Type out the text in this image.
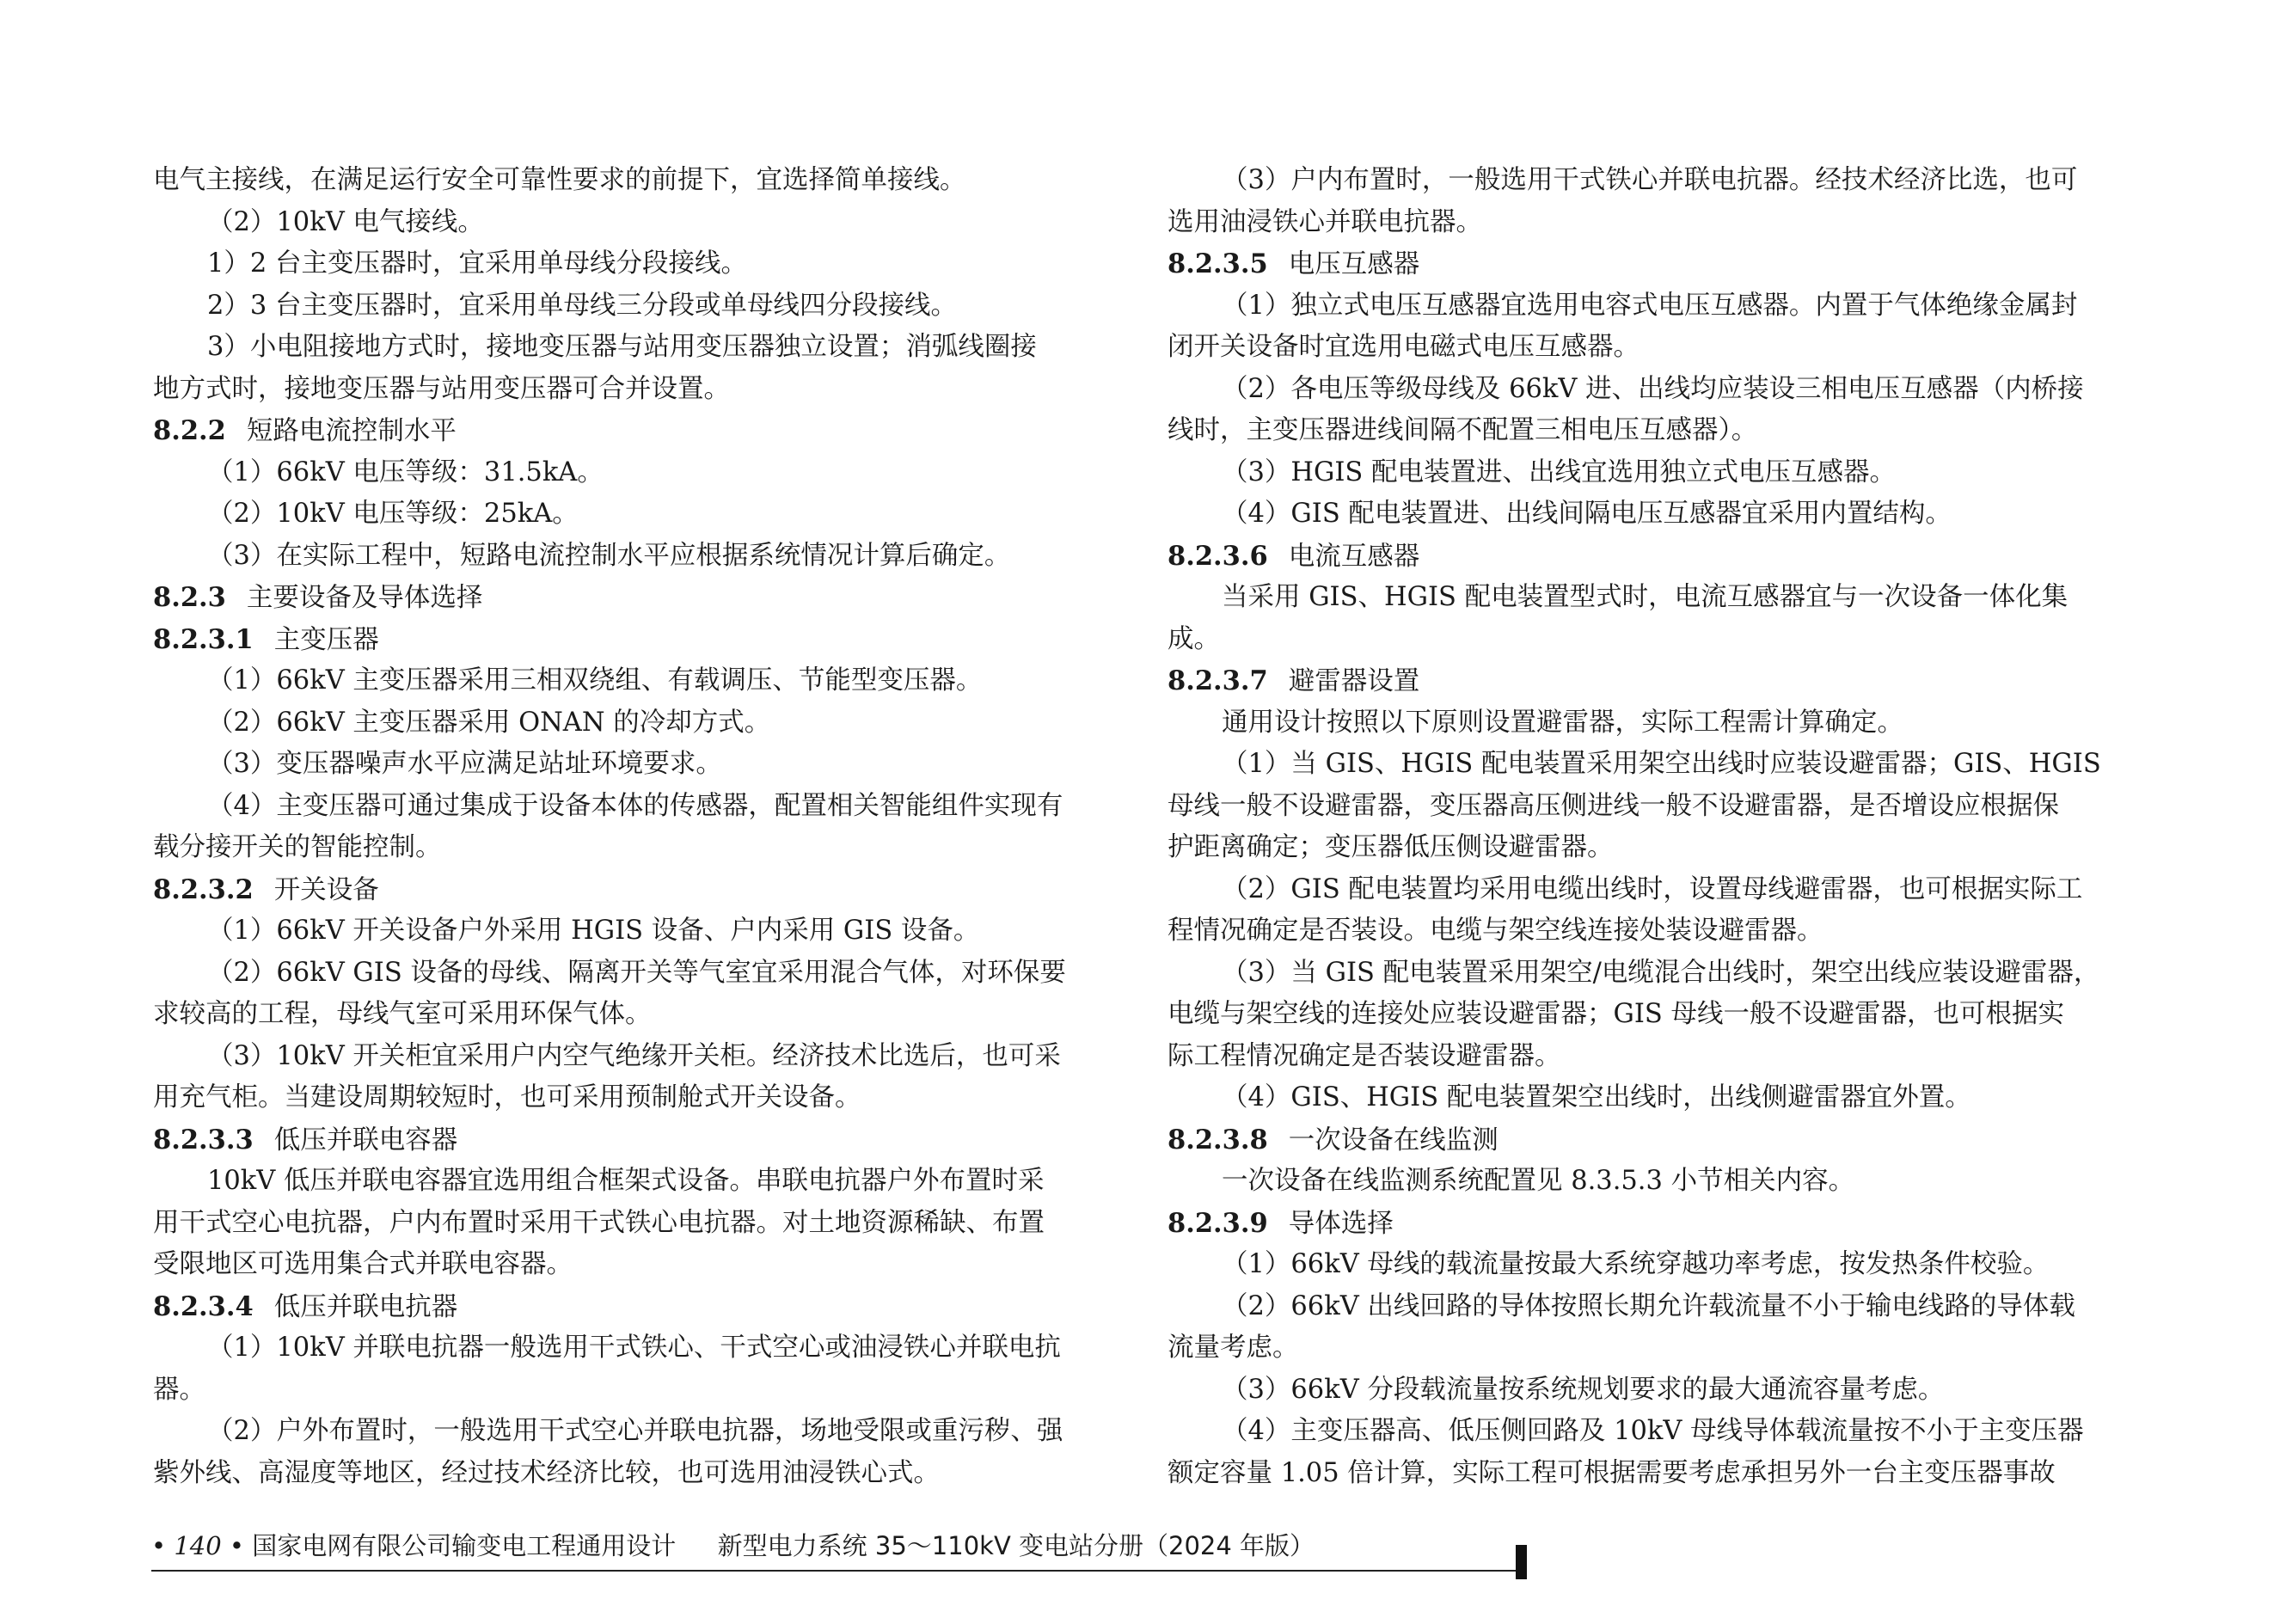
电气主接线，在满足运行安全可靠性要求的前提下，宜选择简单接线。
（2）10kV 电气接线。
1）2 台主变压器时，宜采用单母线分段接线。
2）3 台主变压器时，宜采用单母线三分段或单母线四分段接线。
3）小电阻接地方式时，接地变压器与站用变压器独立设置；消弧线圈接
地方式时，接地变压器与站用变压器可合并设置。
8.2.2 短路电流控制水平
（1）66kV 电压等级：31.5kA。
（2）10kV 电压等级：25kA。
（3）在实际工程中，短路电流控制水平应根据系统情况计算后确定。
8.2.3 主要设备及导体选择
8.2.3.1 主变压器
（1）66kV 主变压器采用三相双绕组、有载调压、节能型变压器。
（2）66kV 主变压器采用 ONAN 的冷却方式。
（3）变压器噪声水平应满足站址环境要求。
（4）主变压器可通过集成于设备本体的传感器，配置相关智能组件实现有
载分接开关的智能控制。
8.2.3.2 开关设备
（1）66kV 开关设备户外采用 HGIS 设备、户内采用 GIS 设备。
（2）66kV GIS 设备的母线、隔离开关等气室宜采用混合气体，对环保要
求较高的工程，母线气室可采用环保气体。
（3）10kV 开关柜宜采用户内空气绝缘开关柜。经济技术比选后，也可采
用充气柜。当建设周期较短时，也可采用预制舱式开关设备。
8.2.3.3 低压并联电容器
10kV 低压并联电容器宜选用组合框架式设备。串联电抗器户外布置时采
用干式空心电抗器，户内布置时采用干式铁心电抗器。对土地资源稀缺、布置
受限地区可选用集合式并联电容器。
8.2.3.4 低压并联电抗器
（1）10kV 并联电抗器一般选用干式铁心、干式空心或油浸铁心并联电抗
器。
（2）户外布置时，一般选用干式空心并联电抗器，场地受限或重污秽、强
紫外线、高湿度等地区，经过技术经济比较，也可选用油浸铁心式。
（3）户内布置时，一般选用干式铁心并联电抗器。经技术经济比选，也可
选用油浸铁心并联电抗器。
8.2.3.5 电压互感器
（1）独立式电压互感器宜选用电容式电压互感器。内置于气体绝缘金属封
闭开关设备时宜选用电磁式电压互感器。
（2）各电压等级母线及 66kV 进、出线均应装设三相电压互感器（内桥接
线时，主变压器进线间隔不配置三相电压互感器）。
（3）HGIS 配电装置进、出线宜选用独立式电压互感器。
（4）GIS 配电装置进、出线间隔电压互感器宜采用内置结构。
8.2.3.6 电流互感器
当采用 GIS、HGIS 配电装置型式时，电流互感器宜与一次设备一体化集
成。
8.2.3.7 避雷器设置
通用设计按照以下原则设置避雷器，实际工程需计算确定。
（1）当 GIS、HGIS 配电装置采用架空出线时应装设避雷器；GIS、HGIS
母线一般不设避雷器，变压器高压侧进线一般不设避雷器，是否增设应根据保
护距离确定；变压器低压侧设避雷器。
（2）GIS 配电装置均采用电缆出线时，设置母线避雷器，也可根据实际工
程情况确定是否装设。电缆与架空线连接处装设避雷器。
（3）当 GIS 配电装置采用架空/电缆混合出线时，架空出线应装设避雷器，
电缆与架空线的连接处应装设避雷器；GIS 母线一般不设避雷器，也可根据实
际工程情况确定是否装设避雷器。
（4）GIS、HGIS 配电装置架空出线时，出线侧避雷器宜外置。
8.2.3.8 一次设备在线监测
一次设备在线监测系统配置见 8.3.5.3 小节相关内容。
8.2.3.9 导体选择
（1）66kV 母线的载流量按最大系统穿越功率考虑，按发热条件校验。
（2）66kV 出线回路的导体按照长期允许载流量不小于输电线路的导体载
流量考虑。
（3）66kV 分段载流量按系统规划要求的最大通流容量考虑。
（4）主变压器高、低压侧回路及 10kV 母线导体载流量按不小于主变压器
额定容量 1.05 倍计算，实际工程可根据需要考虑承担另外一台主变压器事故
• 140 • 国家电网有限公司输变电工程通用设计 新型电力系统 35～110kV 变电站分册（2024 年版）
